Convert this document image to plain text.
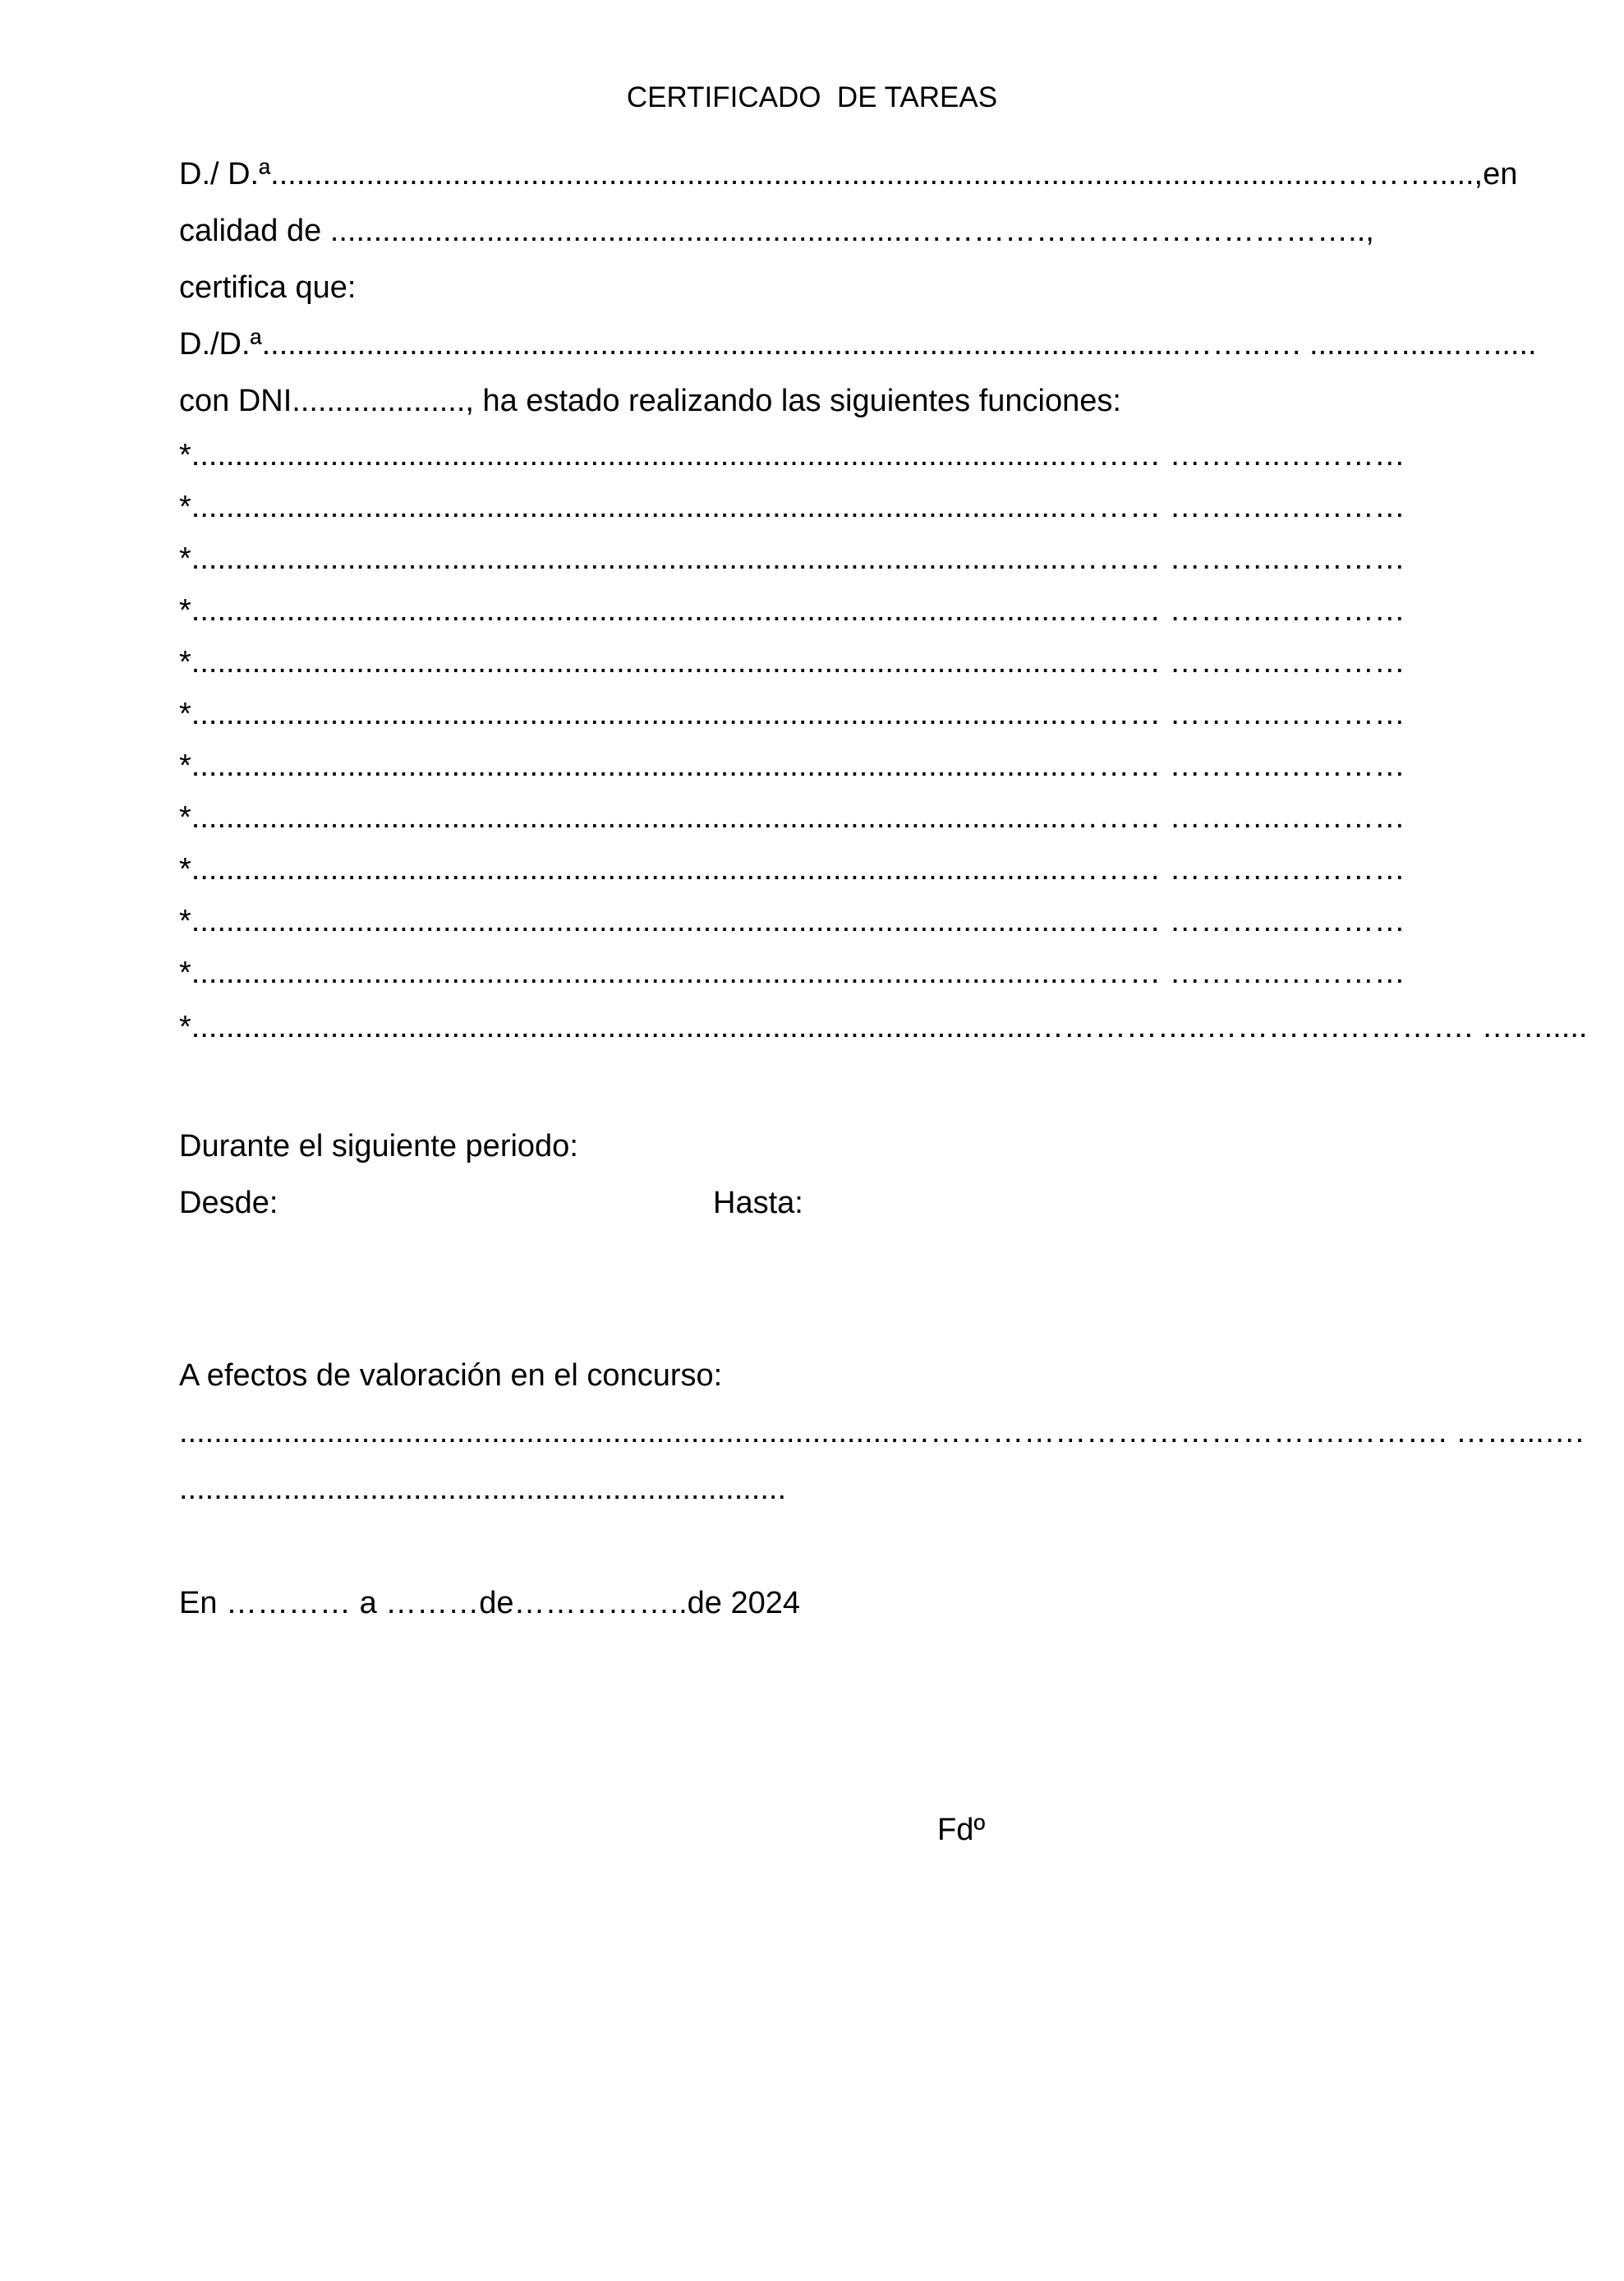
CERTIFICADO  DE TAREAS
D./ D.ª...........................................................................................................................………....., en
calidad de ...................................................................……………………………………..,
certifica que:
D./D.ª..........................................................................................................……..…. .......….......….....
con DNI...................., ha estado realizando las siguientes funciones:
*.....................................................................................................……… ………..…………
*.....................................................................................................……… ………..…………
*.....................................................................................................……… ………..…………
*.....................................................................................................……… ………..…………
*.....................................................................................................……… ………..…………
*.....................................................................................................……… ………..…………
*.....................................................................................................……… ………..…………
*.....................................................................................................……… ………..…………
*.....................................................................................................……… ………..…………
*.....................................................................................................……… ………..…………
*.....................................................................................................……… ………..…………
*.................................................................................................……………..………….…………. …….....
Durante el siguiente periodo:
Desde:	Hasta:
A efectos de valoración en el concurso:
...................................................................................…………………………………….………. ……...….
......................................................................
En ………… a ………de……………..de 2024
Fdº
